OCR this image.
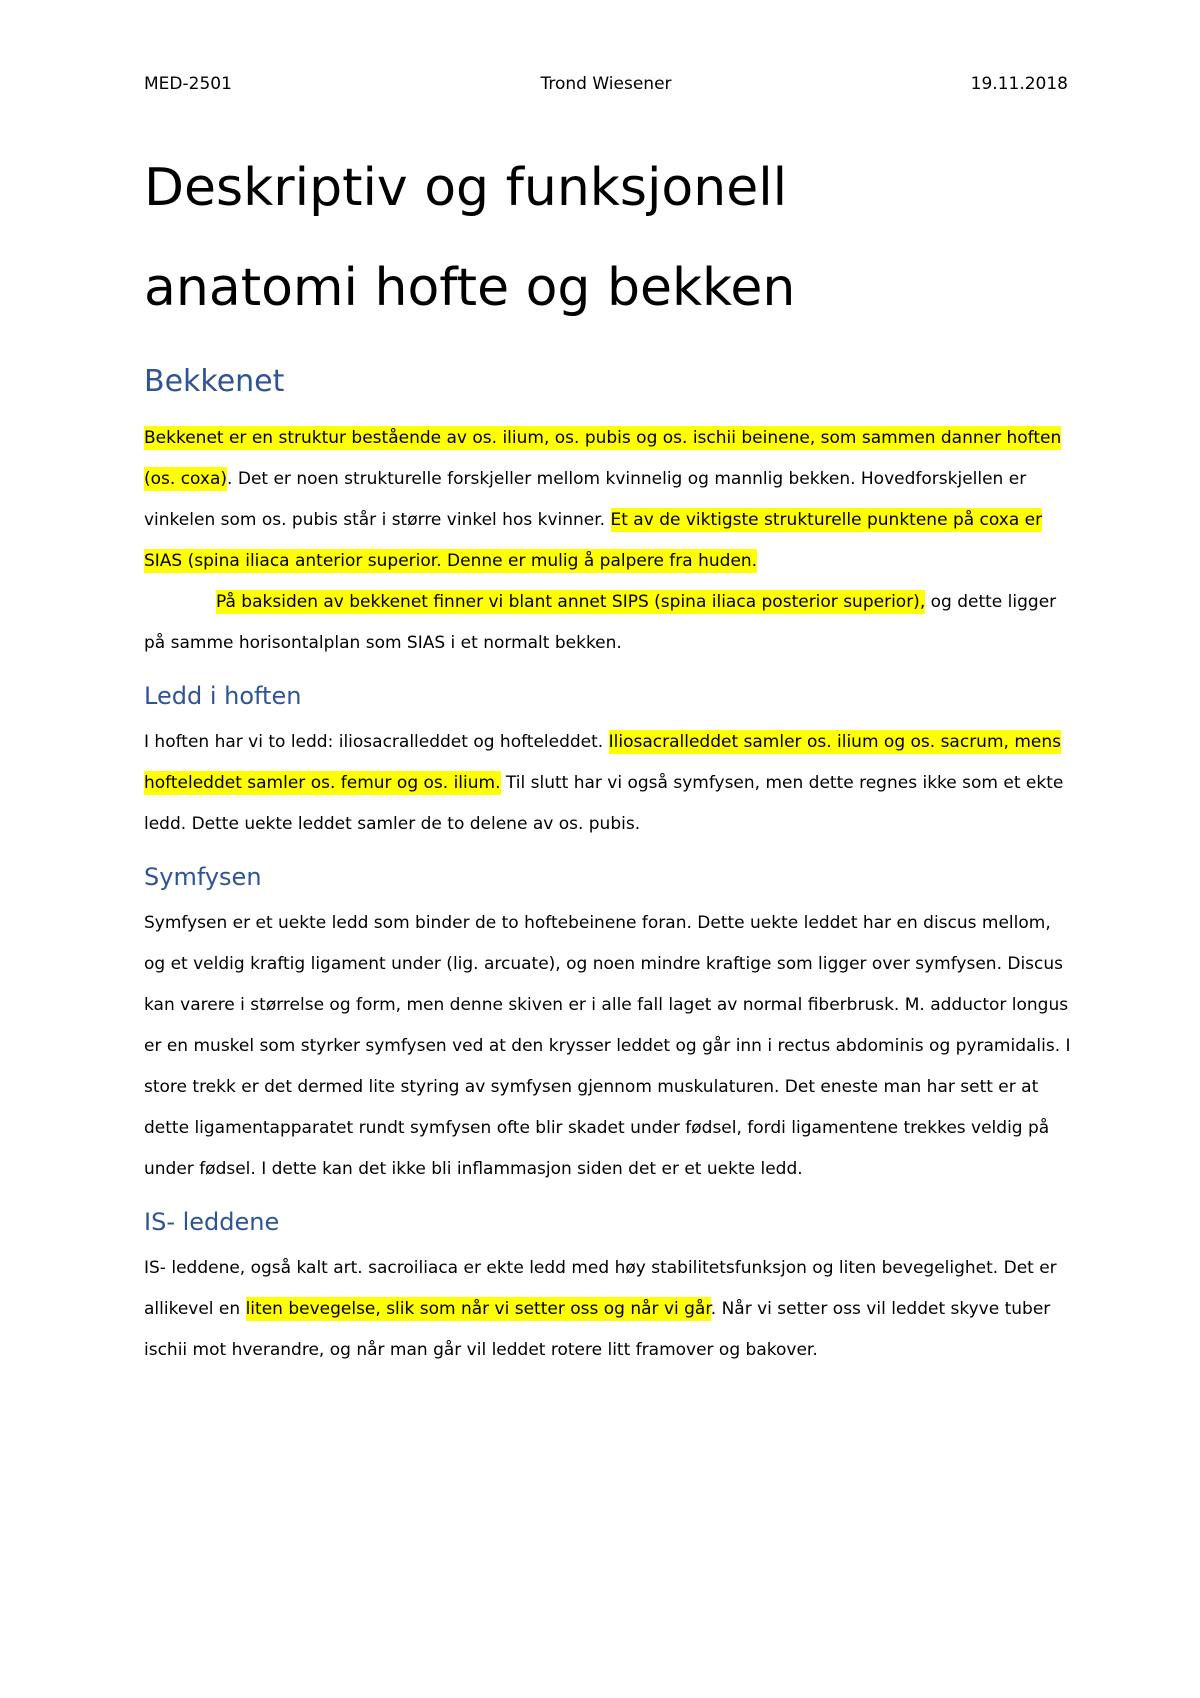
MED-2501	Trond Wiesener	19.11.2018
Deskriptiv og funksjonell
anatomi hofte og bekken
Bekkenet

Bekkenet er en struktur bestående av os. ilium, os. pubis og os. ischii beinene, som sammen danner hoften (os. coxa). Det er noen strukturelle forskjeller mellom kvinnelig og mannlig bekken. Hovedforskjellen er vinkelen som os. pubis står i større vinkel hos kvinner. Et av de viktigste strukturelle punktene på coxa er SIAS (spina iliaca anterior superior. Denne er mulig å palpere fra huden.

På baksiden av bekkenet finner vi blant annet SIPS (spina iliaca posterior superior), og dette ligger på samme horisontalplan som SIAS i et normalt bekken.

Ledd i hoften

I hoften har vi to ledd: iliosacralleddet og hofteleddet. Iliosacralleddet samler os. ilium og os. sacrum, mens hofteleddet samler os. femur og os. ilium. Til slutt har vi også symfysen, men dette regnes ikke som et ekte ledd. Dette uekte leddet samler de to delene av os. pubis.

Symfysen

Symfysen er et uekte ledd som binder de to hoftebeinene foran. Dette uekte leddet har en discus mellom, og et veldig kraftig ligament under (lig. arcuate), og noen mindre kraftige som ligger over symfysen. Discus kan varere i størrelse og form, men denne skiven er i alle fall laget av normal fiberbrusk. M. adductor longus er en muskel som styrker symfysen ved at den krysser leddet og går inn i rectus abdominis og pyramidalis. I store trekk er det dermed lite styring av symfysen gjennom muskulaturen. Det eneste man har sett er at dette ligamentapparatet rundt symfysen ofte blir skadet under fødsel, fordi ligamentene trekkes veldig på under fødsel. I dette kan det ikke bli inflammasjon siden det er et uekte ledd.

IS- leddene

IS- leddene, også kalt art. sacroiliaca er ekte ledd med høy stabilitetsfunksjon og liten bevegelighet. Det er allikevel en liten bevegelse, slik som når vi setter oss og når vi går. Når vi setter oss vil leddet skyve tuber ischii mot hverandre, og når man går vil leddet rotere litt framover og bakover.
